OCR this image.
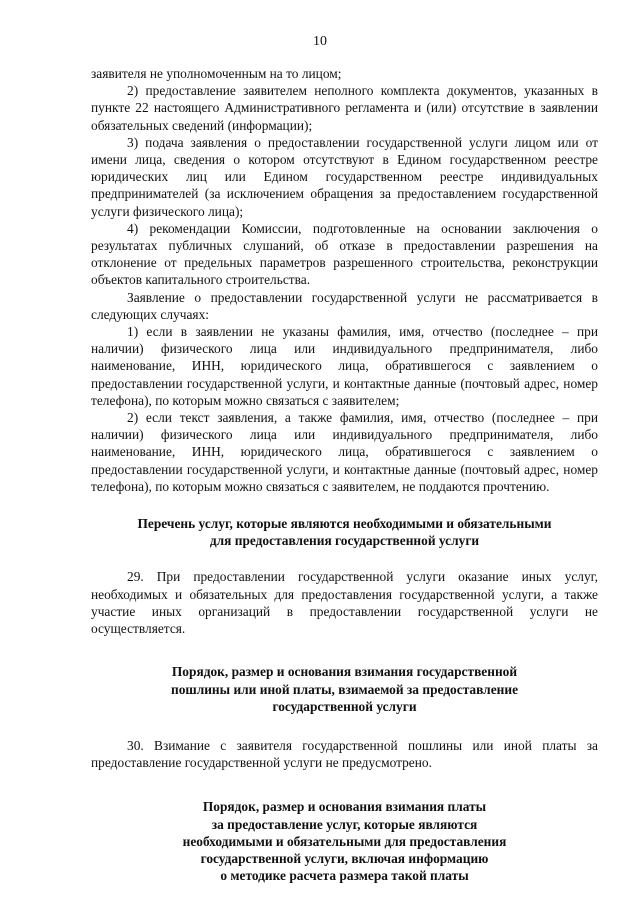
10

заявителя не уполномоченным на то лицом;

2) предоставление заявителем неполного комплекта документов, указанных в пункте 22 настоящего Административного регламента и (или) отсутствие в заявлении обязательных сведений (информации);

3) подача заявления о предоставлении государственной услуги лицом или от имени лица, сведения о котором отсутствуют в Едином государственном реестре юридических лиц или Едином государственном реестре индивидуальных предпринимателей (за исключением обращения за предоставлением государственной услуги физического лица);

4) рекомендации Комиссии, подготовленные на основании заключения о результатах публичных слушаний, об отказе в предоставлении разрешения на отклонение от предельных параметров разрешенного строительства, реконструкции объектов капитального строительства.

Заявление о предоставлении государственной услуги не рассматривается в следующих случаях:

1) если в заявлении не указаны фамилия, имя, отчество (последнее – при наличии) физического лица или индивидуального предпринимателя, либо наименование, ИНН, юридического лица, обратившегося с заявлением о предоставлении государственной услуги, и контактные данные (почтовый адрес, номер телефона), по которым можно связаться с заявителем;

2) если текст заявления, а также фамилия, имя, отчество (последнее – при наличии) физического лица или индивидуального предпринимателя, либо наименование, ИНН, юридического лица, обратившегося с заявлением о предоставлении государственной услуги, и контактные данные (почтовый адрес, номер телефона), по которым можно связаться с заявителем, не поддаются прочтению.

Перечень услуг, которые являются необходимыми и обязательными
для предоставления государственной услуги

29. При предоставлении государственной услуги оказание иных услуг, необходимых и обязательных для предоставления государственной услуги, а также участие иных организаций в предоставлении государственной услуги не осуществляется.

Порядок, размер и основания взимания государственной
пошлины или иной платы, взимаемой за предоставление
государственной услуги

30. Взимание с заявителя государственной пошлины или иной платы за предоставление государственной услуги не предусмотрено.

Порядок, размер и основания взимания платы
за предоставление услуг, которые являются
необходимыми и обязательными для предоставления
государственной услуги, включая информацию
о методике расчета размера такой платы
